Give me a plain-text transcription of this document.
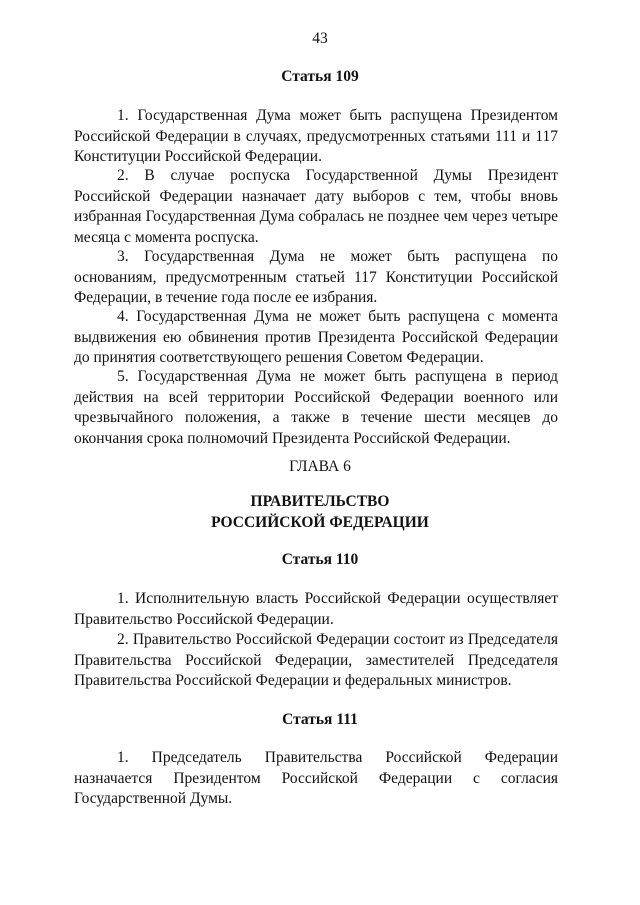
43
Статья 109

1. Государственная Дума может быть распущена Президентом Российской Федерации в случаях, предусмотренных статьями 111 и 117 Конституции Российской Федерации.

2. В случае роспуска Государственной Думы Президент Российской Федерации назначает дату выборов с тем, чтобы вновь избранная Государственная Дума собралась не позднее чем через четыре месяца с момента роспуска.

3. Государственная Дума не может быть распущена по основаниям, предусмотренным статьей 117 Конституции Российской Федерации, в течение года после ее избрания.

4. Государственная Дума не может быть распущена с момента выдвижения ею обвинения против Президента Российской Федерации до принятия соответствующего решения Советом Федерации.

5. Государственная Дума не может быть распущена в период действия на всей территории Российской Федерации военного или чрезвычайного положения, а также в течение шести месяцев до окончания срока полномочий Президента Российской Федерации.

ГЛАВА 6
ПРАВИТЕЛЬСТВО
РОССИЙСКОЙ ФЕДЕРАЦИИ
Статья 110

1. Исполнительную власть Российской Федерации осуществляет Правительство Российской Федерации.

2. Правительство Российской Федерации состоит из Председателя Правительства Российской Федерации, заместителей Председателя Правительства Российской Федерации и федеральных министров.

Статья 111

1. Председатель Правительства Российской Федерации назначается Президентом Российской Федерации с согласия Государственной Думы.
